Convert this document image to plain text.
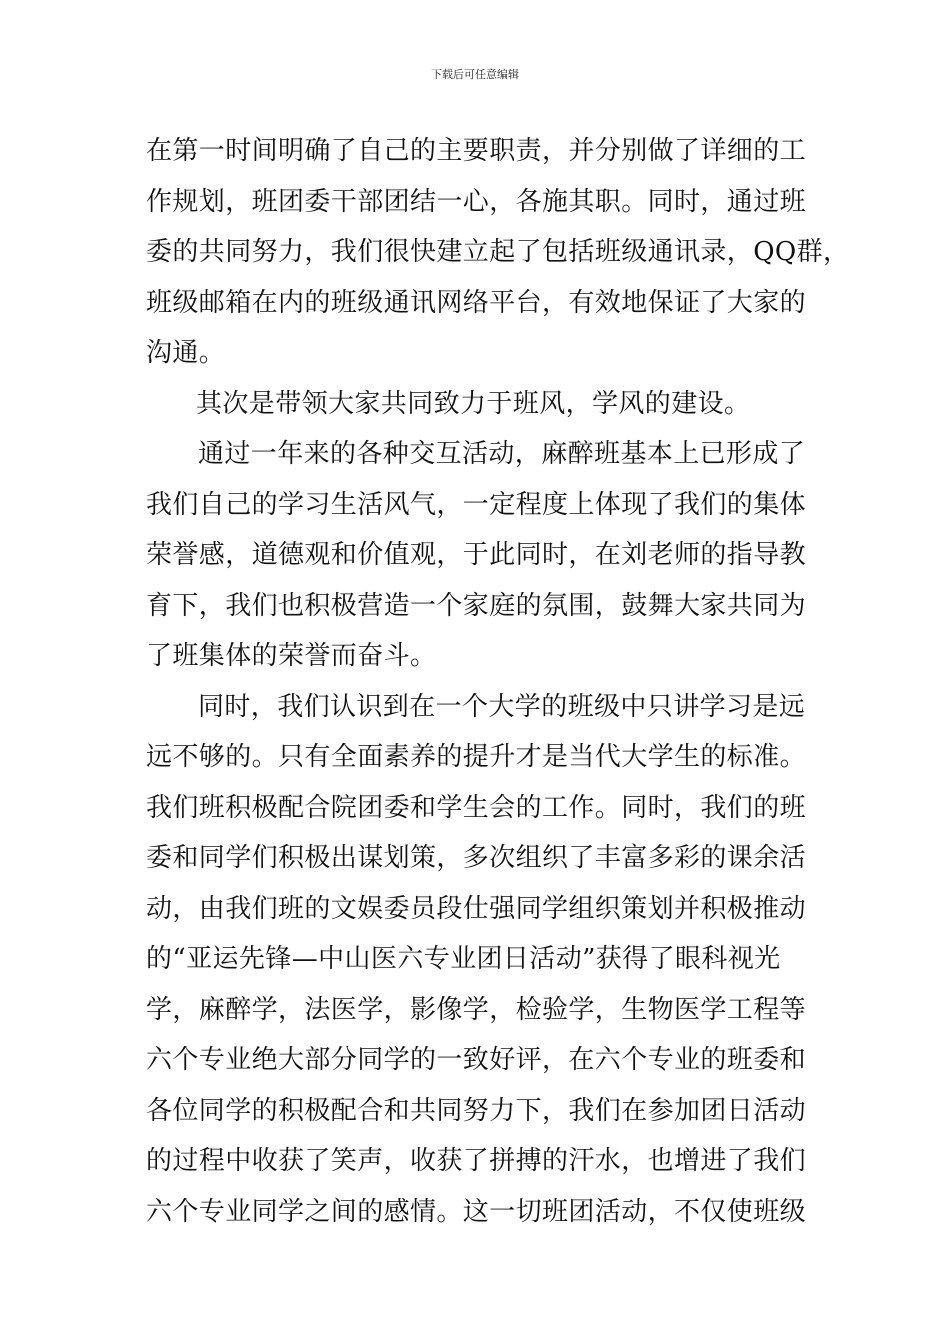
下载后可任意编辑
在第一时间明确了自己的主要职责，并分别做了详细的工
作规划，班团委干部团结一心，各施其职。同时，通过班
委的共同努力，我们很快建立起了包括班级通讯录，QQ群，
班级邮箱在内的班级通讯网络平台，有效地保证了大家的
沟通。
其次是带领大家共同致力于班风，学风的建设。
通过一年来的各种交互活动，麻醉班基本上已形成了
我们自己的学习生活风气，一定程度上体现了我们的集体
荣誉感，道德观和价值观，于此同时，在刘老师的指导教
育下，我们也积极营造一个家庭的氛围，鼓舞大家共同为
了班集体的荣誉而奋斗。
同时，我们认识到在一个大学的班级中只讲学习是远
远不够的。只有全面素养的提升才是当代大学生的标准。
我们班积极配合院团委和学生会的工作。同时，我们的班
委和同学们积极出谋划策，多次组织了丰富多彩的课余活
动，由我们班的文娱委员段仕强同学组织策划并积极推动
的“亚运先锋—中山医六专业团日活动”获得了眼科视光
学，麻醉学，法医学，影像学，检验学，生物医学工程等
六个专业绝大部分同学的一致好评，在六个专业的班委和
各位同学的积极配合和共同努力下，我们在参加团日活动
的过程中收获了笑声，收获了拼搏的汗水，也增进了我们
六个专业同学之间的感情。这一切班团活动，不仅使班级
